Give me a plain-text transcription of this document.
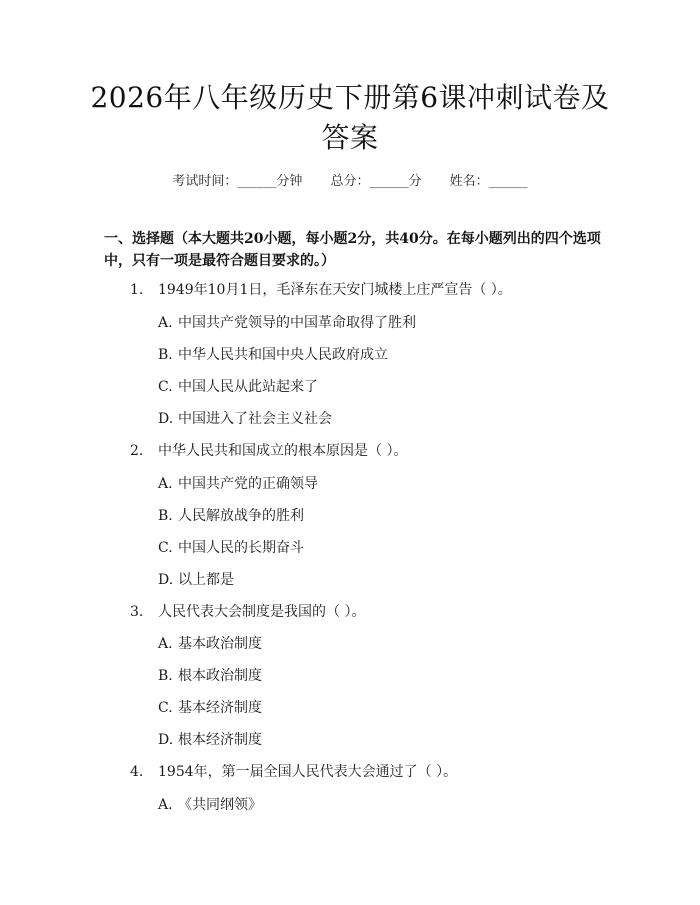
2026年八年级历史下册第6课冲刺试卷及答案
考试时间：______分钟 总分：______分 姓名：______
一、选择题（本大题共20小题，每小题2分，共40分。在每小题列出的四个选项中，只有一项是最符合题目要求的。）
1. 1949年10月1日，毛泽东在天安门城楼上庄严宣告（ ）。
A. 中国共产党领导的中国革命取得了胜利
B. 中华人民共和国中央人民政府成立
C. 中国人民从此站起来了
D. 中国进入了社会主义社会
2. 中华人民共和国成立的根本原因是（ ）。
A. 中国共产党的正确领导
B. 人民解放战争的胜利
C. 中国人民的长期奋斗
D. 以上都是
3. 人民代表大会制度是我国的（ ）。
A. 基本政治制度
B. 根本政治制度
C. 基本经济制度
D. 根本经济制度
4. 1954年，第一届全国人民代表大会通过了（ ）。
A. 《共同纲领》
